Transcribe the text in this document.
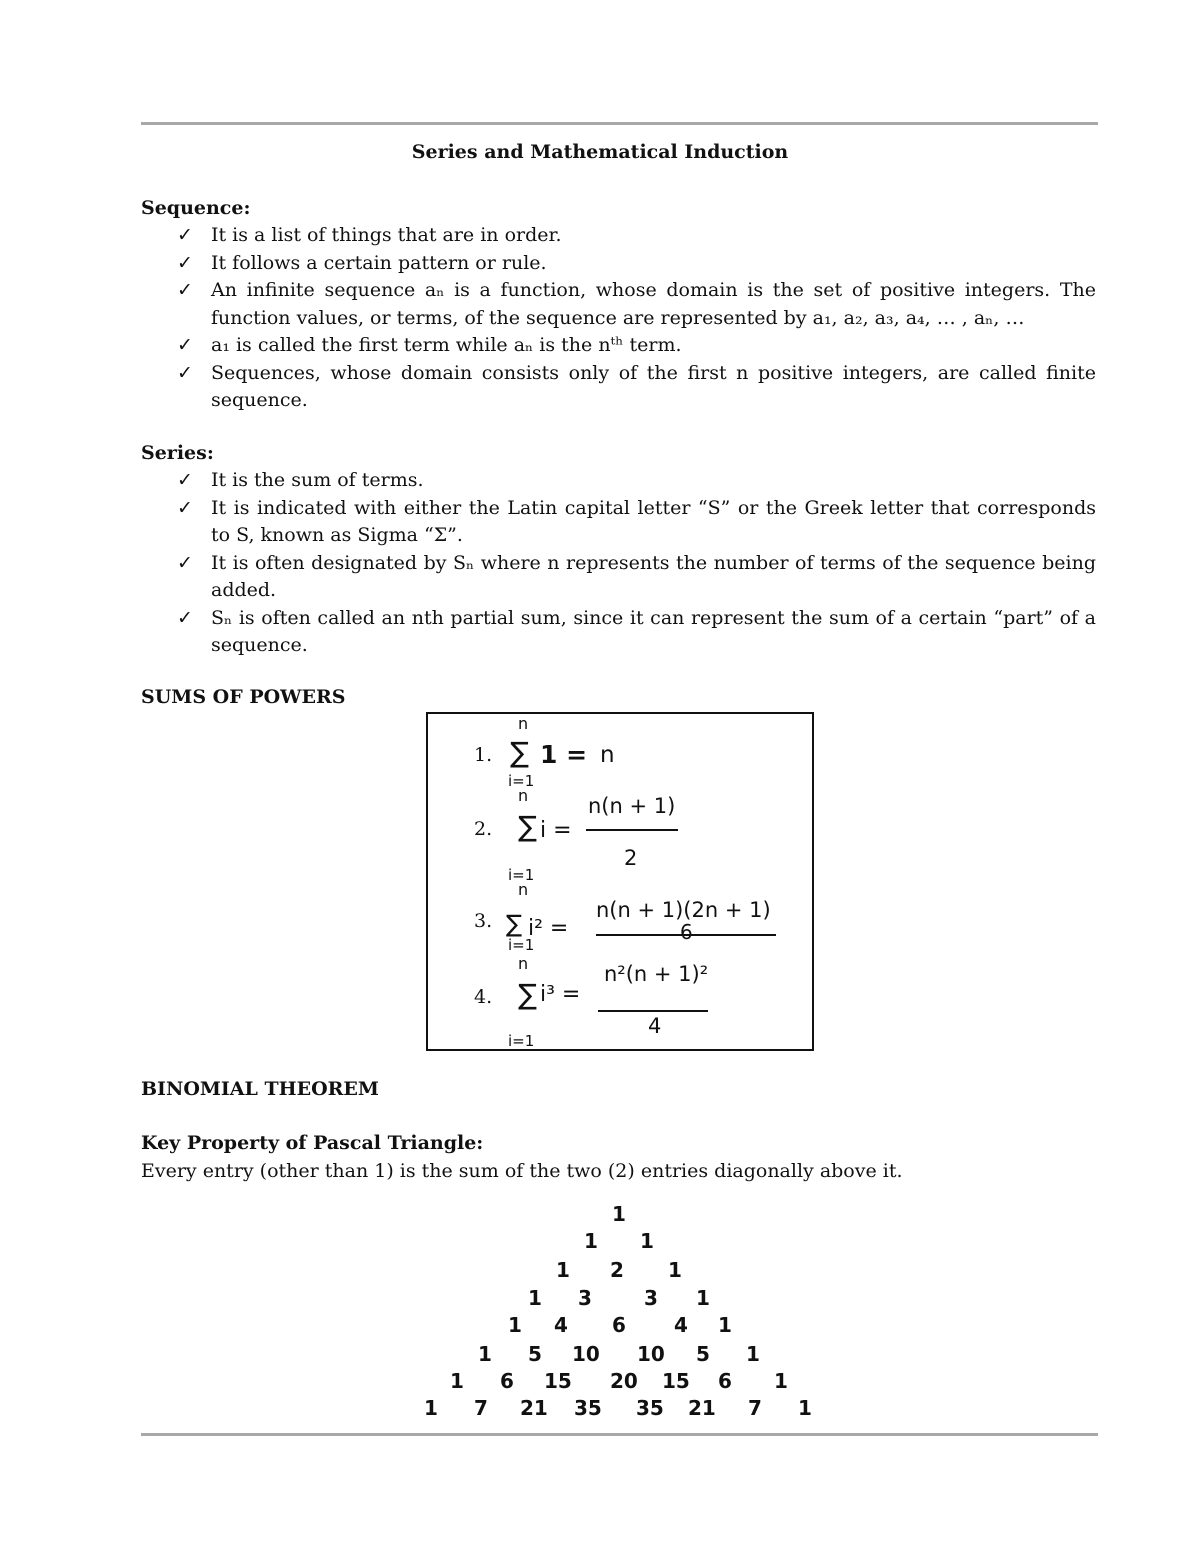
Series and Mathematical Induction
Sequence:
✓ It is a list of things that are in order.
✓ It follows a certain pattern or rule.
✓ An infinite sequence aₙ is a function, whose domain is the set of positive integers. The function values, or terms, of the sequence are represented by a₁, a₂, a₃, a₄, … , aₙ, …
✓ a₁ is called the first term while aₙ is the nᵗʰ term.
✓ Sequences, whose domain consists only of the first n positive integers, are called finite sequence.
Series:
✓ It is the sum of terms.
✓ It is indicated with either the Latin capital letter “S” or the Greek letter that corresponds to S, known as Sigma “Σ”.
✓ It is often designated by Sₙ where n represents the number of terms of the sequence being added.
✓ Sₙ is often called an nth partial sum, since it can represent the sum of a certain “part” of a sequence.
SUMS OF POWERS
1.
n
∑
i=1
1 = n
2.
n
∑ i =
n(n + 1)
2
i=1
3.
n
∑
i=1
i² =
n(n + 1)(2n + 1)
6
4.
n
∑ i³ =
n²(n + 1)²
4
i=1
BINOMIAL THEOREM
Key Property of Pascal Triangle:
Every entry (other than 1) is the sum of the two (2) entries diagonally above it.
1
1 1
1 2 1
1 3	3 1
1 4 6 4 1
1 5 10 10 5 1
1 6 15 20 15 6 1
1 7 21 35 35 21 7 1
